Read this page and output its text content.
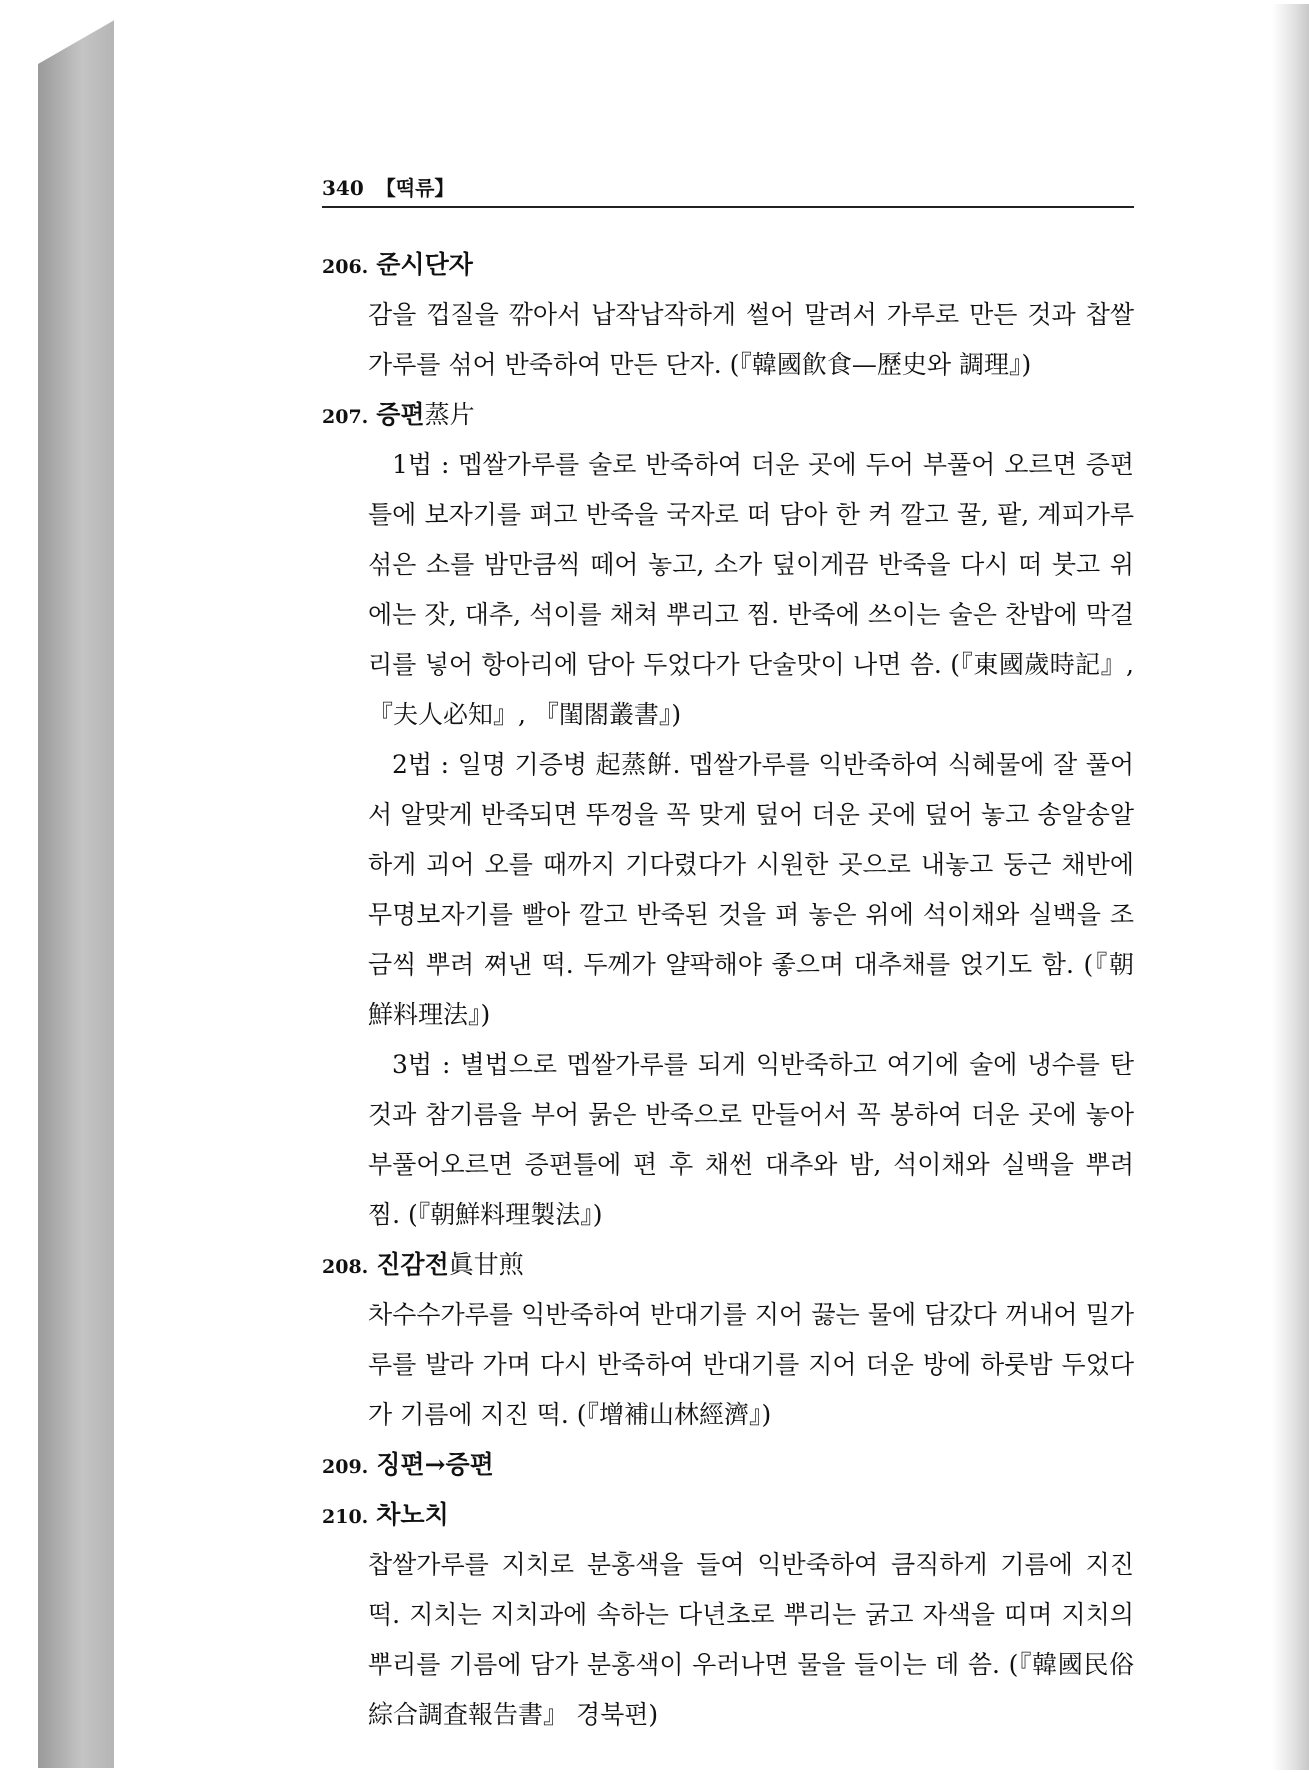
340 【떡류】
206. 준시단자
감을 껍질을 깎아서 납작납작하게 썰어 말려서 가루로 만든 것과 찹쌀가루를 섞어 반죽하여 만든 단자. (『韓國飮食—歷史와 調理』)
207. 증편蒸片
1법 : 멥쌀가루를 술로 반죽하여 더운 곳에 두어 부풀어 오르면 증편틀에 보자기를 펴고 반죽을 국자로 떠 담아 한 켜 깔고 꿀, 팥, 계피가루 섞은 소를 밤만큼씩 떼어 놓고, 소가 덮이게끔 반죽을 다시 떠 붓고 위에는 잣, 대추, 석이를 채쳐 뿌리고 찜. 반죽에 쓰이는 술은 찬밥에 막걸리를 넣어 항아리에 담아 두었다가 단술맛이 나면 씀. (『東國歲時記』, 『夫人必知』, 『閨閤叢書』)
2법 : 일명 기증병 起蒸餠. 멥쌀가루를 익반죽하여 식혜물에 잘 풀어서 알맞게 반죽되면 뚜껑을 꼭 맞게 덮어 더운 곳에 덮어 놓고 송알송알하게 괴어 오를 때까지 기다렸다가 시원한 곳으로 내놓고 둥근 채반에 무명보자기를 빨아 깔고 반죽된 것을 펴 놓은 위에 석이채와 실백을 조금씩 뿌려 쪄낸 떡. 두께가 얄팍해야 좋으며 대추채를 얹기도 함. (『朝鮮料理法』)
3법 : 별법으로 멥쌀가루를 되게 익반죽하고 여기에 술에 냉수를 탄 것과 참기름을 부어 묽은 반죽으로 만들어서 꼭 봉하여 더운 곳에 놓아 부풀어오르면 증편틀에 편 후 채썬 대추와 밤, 석이채와 실백을 뿌려 찜. (『朝鮮料理製法』)
208. 진감전眞甘煎
차수수가루를 익반죽하여 반대기를 지어 끓는 물에 담갔다 꺼내어 밀가루를 발라 가며 다시 반죽하여 반대기를 지어 더운 방에 하룻밤 두었다가 기름에 지진 떡. (『增補山林經濟』)
209. 징편→증편
210. 차노치
찹쌀가루를 지치로 분홍색을 들여 익반죽하여 큼직하게 기름에 지진 떡. 지치는 지치과에 속하는 다년초로 뿌리는 굵고 자색을 띠며 지치의 뿌리를 기름에 담가 분홍색이 우러나면 물을 들이는 데 씀. (『韓國民俗綜合調査報告書』 경북편)
